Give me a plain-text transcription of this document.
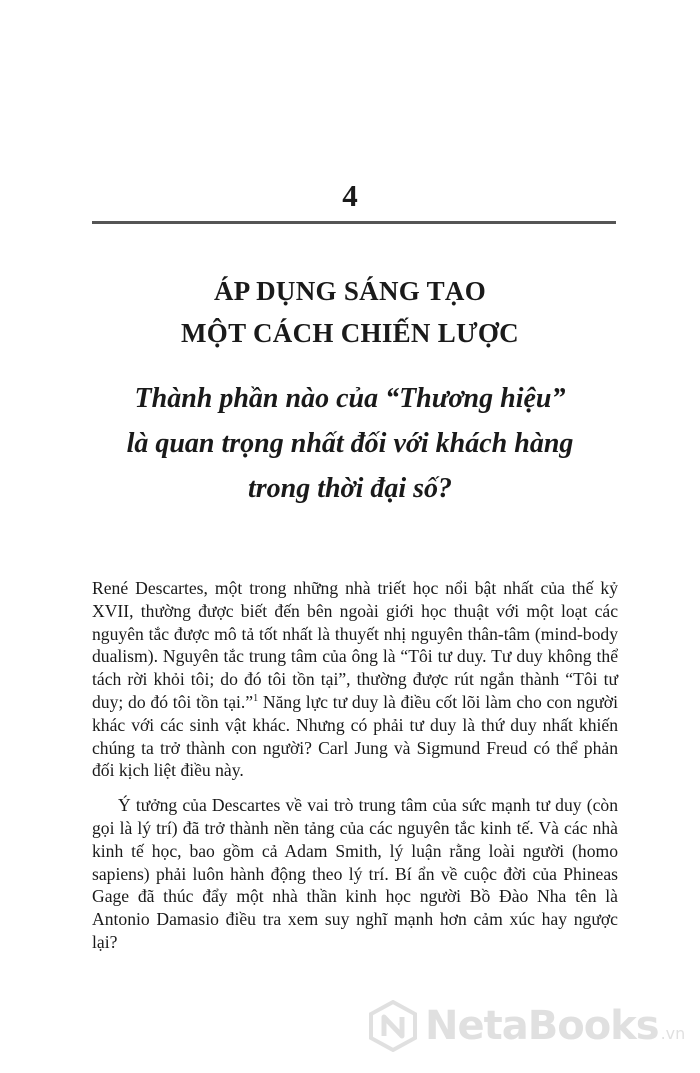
4
ÁP DỤNG SÁNG TẠO
MỘT CÁCH CHIẾN LƯỢC
Thành phần nào của “Thương hiệu”
là quan trọng nhất đối với khách hàng
trong thời đại số?

René Descartes, một trong những nhà triết học nổi bật nhất của thế kỷ XVII, thường được biết đến bên ngoài giới học thuật với một loạt các nguyên tắc được mô tả tốt nhất là thuyết nhị nguyên thân-tâm (mind-body dualism). Nguyên tắc trung tâm của ông là “Tôi tư duy. Tư duy không thể tách rời khỏi tôi; do đó tôi tồn tại”, thường được rút ngắn thành “Tôi tư duy; do đó tôi tồn tại.”$^1$ Năng lực tư duy là điều cốt lõi làm cho con người khác với các sinh vật khác. Nhưng có phải tư duy là thứ duy nhất khiến chúng ta trở thành con người? Carl Jung và Sigmund Freud có thể phản đối kịch liệt điều này.

Ý tưởng của Descartes về vai trò trung tâm của sức mạnh tư duy (còn gọi là lý trí) đã trở thành nền tảng của các nguyên tắc kinh tế. Và các nhà kinh tế học, bao gồm cả Adam Smith, lý luận rằng loài người (homo sapiens) phải luôn hành động theo lý trí. Bí ẩn về cuộc đời của Phineas Gage đã thúc đẩy một nhà thần kinh học người Bồ Đào Nha tên là Antonio Damasio điều tra xem suy nghĩ mạnh hơn cảm xúc hay ngược lại?

NetaBooks .vn
